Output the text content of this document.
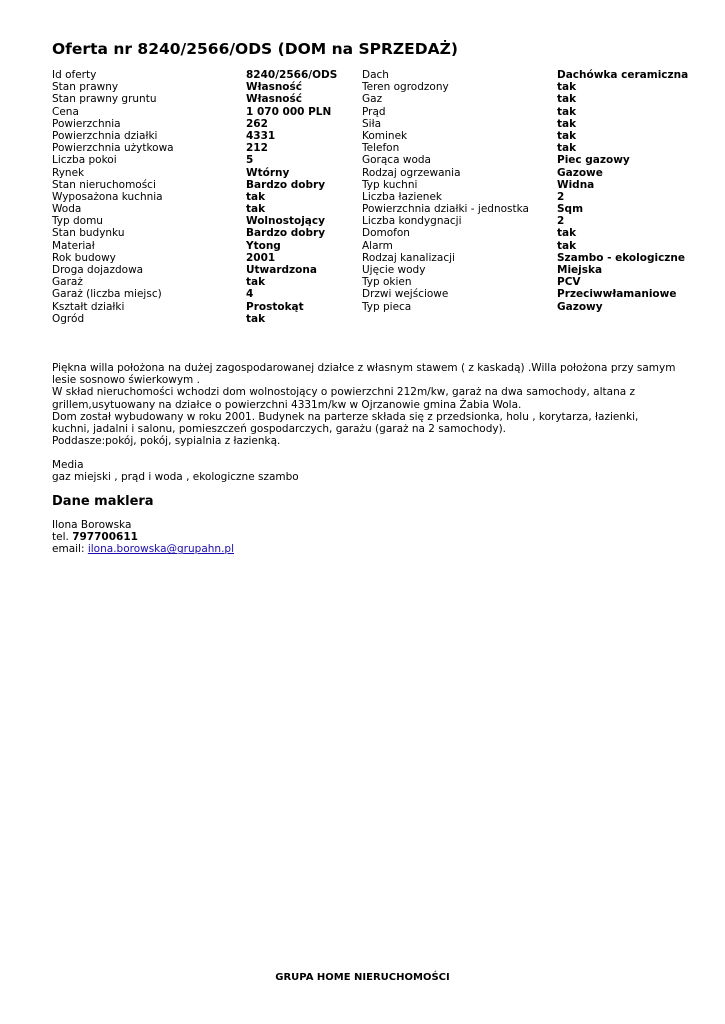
Oferta nr 8240/2566/ODS (DOM na SPRZEDAŻ)
Id oferty	8240/2566/ODS
Stan prawny	Własność
Stan prawny gruntu	Własność
Cena	1 070 000 PLN
Powierzchnia	262
Powierzchnia działki	4331
Powierzchnia użytkowa	212
Liczba pokoi	5
Rynek	Wtórny
Stan nieruchomości	Bardzo dobry
Wyposażona kuchnia	tak
Woda	tak
Typ domu	Wolnostojący
Stan budynku	Bardzo dobry
Materiał	Ytong
Rok budowy	2001
Droga dojazdowa	Utwardzona
Garaż	tak
Garaż (liczba miejsc)	4
Kształt działki	Prostokąt
Ogród	tak
Dach	Dachówka ceramiczna
Teren ogrodzony	tak
Gaz	tak
Prąd	tak
Siła	tak
Kominek	tak
Telefon	tak
Gorąca woda	Piec gazowy
Rodzaj ogrzewania	Gazowe
Typ kuchni	Widna
Liczba łazienek	2
Powierzchnia działki - jednostka	Sqm
Liczba kondygnacji	2
Domofon	tak
Alarm	tak
Rodzaj kanalizacji	Szambo - ekologiczne
Ujęcie wody	Miejska
Typ okien	PCV
Drzwi wejściowe	Przeciwwłamaniowe
Typ pieca	Gazowy

Piękna willa położona na dużej zagospodarowanej działce z własnym stawem ( z kaskadą) .Willa położona przy samym lesie sosnowo świerkowym .

W skład nieruchomości wchodzi dom wolnostojący o powierzchni 212m/kw, garaż na dwa samochody, altana z grillem,usytuowany na działce o powierzchni 4331m/kw w Ojrzanowie gmina Żabia Wola.

Dom został wybudowany w roku 2001. Budynek na parterze składa się z przedsionka, holu , korytarza, łazienki, kuchni, jadalni i salonu, pomieszczeń gospodarczych, garażu (garaż na 2 samochody).

Poddasze:pokój, pokój, sypialnia z łazienką.

Media

gaz miejski , prąd i woda , ekologiczne szambo

Dane maklera

Ilona Borowska

tel. 797700611

email: ilona.borowska@grupahn.pl

GRUPA HOME NIERUCHOMOŚCI
